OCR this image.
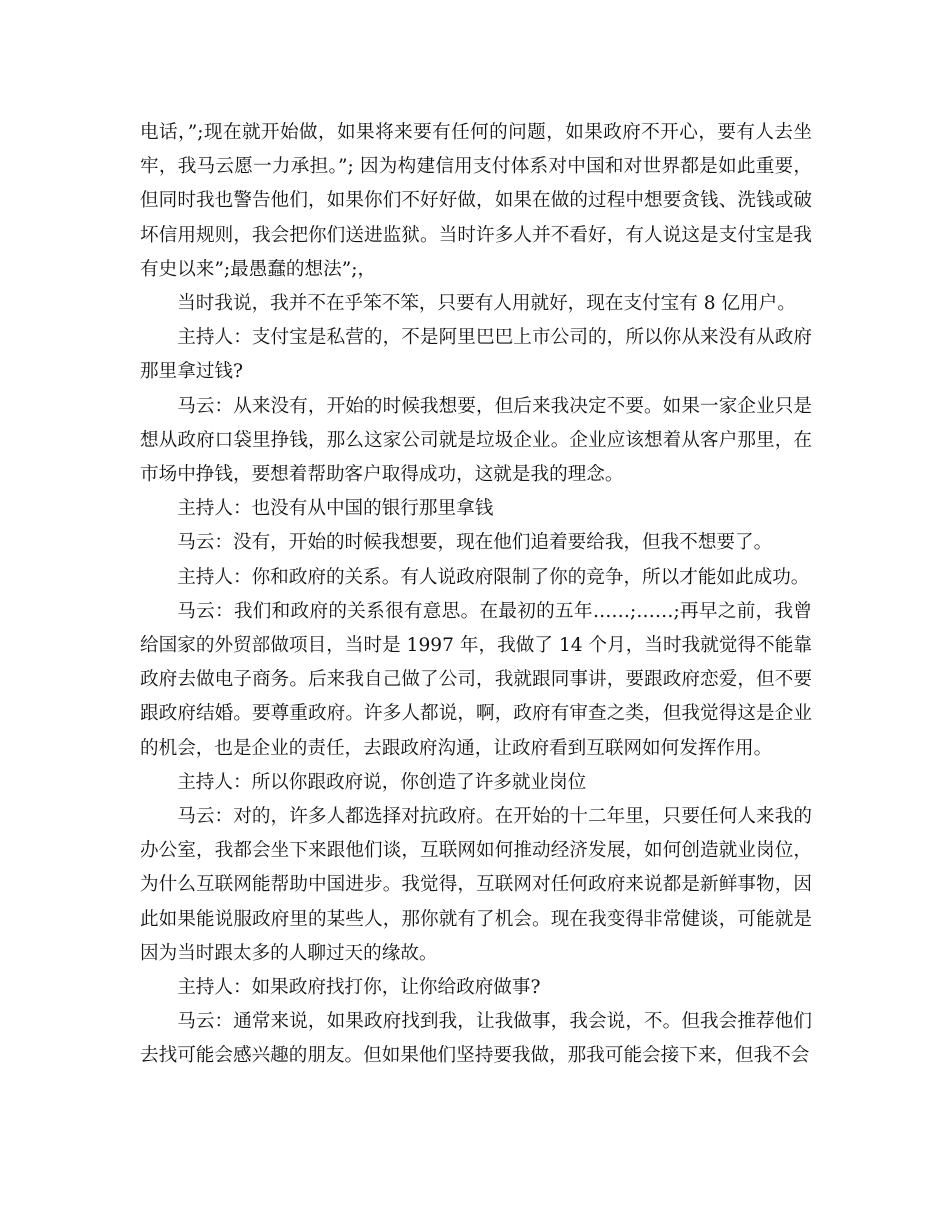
电话，”;现在就开始做，如果将来要有任何的问题，如果政府不开心，要有人去坐牢，我马云愿一力承担。”; 因为构建信用支付体系对中国和对世界都是如此重要，但同时我也警告他们，如果你们不好好做，如果在做的过程中想要贪钱、洗钱或破坏信用规则，我会把你们送进监狱。当时许多人并不看好，有人说这是支付宝是我有史以来”;最愚蠢的想法”;，

当时我说，我并不在乎笨不笨，只要有人用就好，现在支付宝有 8 亿用户。

主持人：支付宝是私营的，不是阿里巴巴上市公司的，所以你从来没有从政府那里拿过钱?

马云：从来没有，开始的时候我想要，但后来我决定不要。如果一家企业只是想从政府口袋里挣钱，那么这家公司就是垃圾企业。企业应该想着从客户那里，在市场中挣钱，要想着帮助客户取得成功，这就是我的理念。

主持人：也没有从中国的银行那里拿钱

马云：没有，开始的时候我想要，现在他们追着要给我，但我不想要了。

主持人：你和政府的关系。有人说政府限制了你的竞争，所以才能如此成功。

马云：我们和政府的关系很有意思。在最初的五年……;……;再早之前，我曾给国家的外贸部做项目，当时是 1997 年，我做了 14 个月，当时我就觉得不能靠政府去做电子商务。后来我自己做了公司，我就跟同事讲，要跟政府恋爱，但不要跟政府结婚。要尊重政府。许多人都说，啊，政府有审查之类，但我觉得这是企业的机会，也是企业的责任，去跟政府沟通，让政府看到互联网如何发挥作用。

主持人：所以你跟政府说，你创造了许多就业岗位

马云：对的，许多人都选择对抗政府。在开始的十二年里，只要任何人来我的办公室，我都会坐下来跟他们谈，互联网如何推动经济发展，如何创造就业岗位，为什么互联网能帮助中国进步。我觉得，互联网对任何政府来说都是新鲜事物，因此如果能说服政府里的某些人，那你就有了机会。现在我变得非常健谈，可能就是因为当时跟太多的人聊过天的缘故。

主持人：如果政府找打你，让你给政府做事?

马云：通常来说，如果政府找到我，让我做事，我会说，不。但我会推荐他们去找可能会感兴趣的朋友。但如果他们坚持要我做，那我可能会接下来，但我不会
